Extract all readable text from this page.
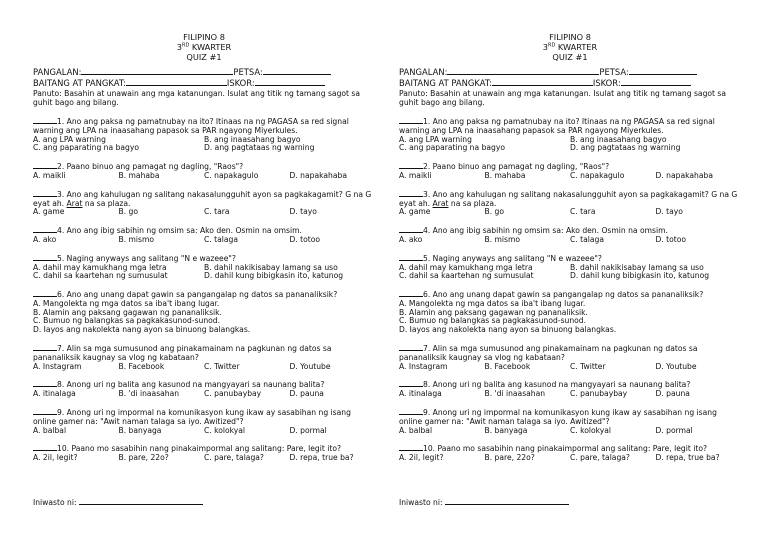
FILIPINO 8
3RD KWARTER
QUIZ #1
PANGALAN:	PETSA:
BAITANG AT PANGKAT:	ISKOR:
Panuto: Basahin at unawain ang mga katanungan. Isulat ang titik ng tamang sagot sa guhit bago ang bilang.
1. Ano ang paksa ng pamatnubay na ito? Itinaas na ng PAGASA sa red signal warning ang LPA na inaasahang papasok sa PAR ngayong Miyerkules.
A. ang LPA warning	B. ang inaasahang bagyo
C. ang paparating na bagyo	D. ang pagtataas ng warning
2. Paano binuo ang pamagat ng dagling, "Raos"?
A. maikli	B. mahaba	C. napakagulo	D. napakahaba
3. Ano ang kahulugan ng salitang nakasalungguhit ayon sa pagkakagamit? G na G eyat ah. Arat na sa plaza.
A. game	B. go	C. tara	D. tayo
4. Ano ang ibig sabihin ng omsim sa: Ako den. Osmin na omsim.
A. ako	B. mismo	C. talaga	D. totoo
5. Naging anyways ang salitang "N e wazeee"?
A. dahil may kamukhang mga letra	B. dahil nakikisabay lamang sa uso
C. dahil sa kaartehan ng sumusulat	D. dahil kung bibigkasin ito, katunog
6. Ano ang unang dapat gawin sa pangangalap ng datos sa pananaliksik?
A. Mangolekta ng mga datos sa iba't ibang lugar.
B. Alamin ang paksang gagawan ng pananaliksik.
C. Bumuo ng balangkas sa pagkakasunod-sunod.
D. Iayos ang nakolekta nang ayon sa binuong balangkas.
7. Alin sa mga sumusunod ang pinakamainam na pagkunan ng datos sa pananaliksik kaugnay sa vlog ng kabataan?
A. Instagram	B. Facebook	C. Twitter	D. Youtube
8. Anong uri ng balita ang kasunod na mangyayari sa naunang balita?
A. itinalaga	B. 'di inaasahan	C. panubaybay	D. pauna
9. Anong uri ng impormal na komunikasyon kung ikaw ay sasabihan ng isang online gamer na: "Awit naman talaga sa iyo. Awitized"?
A. balbal	B. banyaga	C. kolokyal	D. pormal
10. Paano mo sasabihin nang pinakaimpormal ang salitang: Pare, legit ito?
A. 2il, legit?	B. pare, 22o?	C. pare, talaga?	D. repa, true ba?
Iniwasto ni:
FILIPINO 8
3RD KWARTER
QUIZ #1
PANGALAN:	PETSA:
BAITANG AT PANGKAT:	ISKOR:
Panuto: Basahin at unawain ang mga katanungan. Isulat ang titik ng tamang sagot sa guhit bago ang bilang.
1. Ano ang paksa ng pamatnubay na ito? Itinaas na ng PAGASA sa red signal warning ang LPA na inaasahang papasok sa PAR ngayong Miyerkules.
A. ang LPA warning	B. ang inaasahang bagyo
C. ang paparating na bagyo	D. ang pagtataas ng warning
2. Paano binuo ang pamagat ng dagling, "Raos"?
A. maikli	B. mahaba	C. napakagulo	D. napakahaba
3. Ano ang kahulugan ng salitang nakasalungguhit ayon sa pagkakagamit? G na G eyat ah. Arat na sa plaza.
A. game	B. go	C. tara	D. tayo
4. Ano ang ibig sabihin ng omsim sa: Ako den. Osmin na omsim.
A. ako	B. mismo	C. talaga	D. totoo
5. Naging anyways ang salitang "N e wazeee"?
A. dahil may kamukhang mga letra	B. dahil nakikisabay lamang sa uso
C. dahil sa kaartehan ng sumusulat	D. dahil kung bibigkasin ito, katunog
6. Ano ang unang dapat gawin sa pangangalap ng datos sa pananaliksik?
A. Mangolekta ng mga datos sa iba't ibang lugar.
B. Alamin ang paksang gagawan ng pananaliksik.
C. Bumuo ng balangkas sa pagkakasunod-sunod.
D. Iayos ang nakolekta nang ayon sa binuong balangkas.
7. Alin sa mga sumusunod ang pinakamainam na pagkunan ng datos sa pananaliksik kaugnay sa vlog ng kabataan?
A. Instagram	B. Facebook	C. Twitter	D. Youtube
8. Anong uri ng balita ang kasunod na mangyayari sa naunang balita?
A. itinalaga	B. 'di inaasahan	C. panubaybay	D. pauna
9. Anong uri ng impormal na komunikasyon kung ikaw ay sasabihan ng isang online gamer na: "Awit naman talaga sa iyo. Awitized"?
A. balbal	B. banyaga	C. kolokyal	D. pormal
10. Paano mo sasabihin nang pinakaimpormal ang salitang: Pare, legit ito?
A. 2il, legit?	B. pare, 22o?	C. pare, talaga?	D. repa, true ba?
Iniwasto ni:
